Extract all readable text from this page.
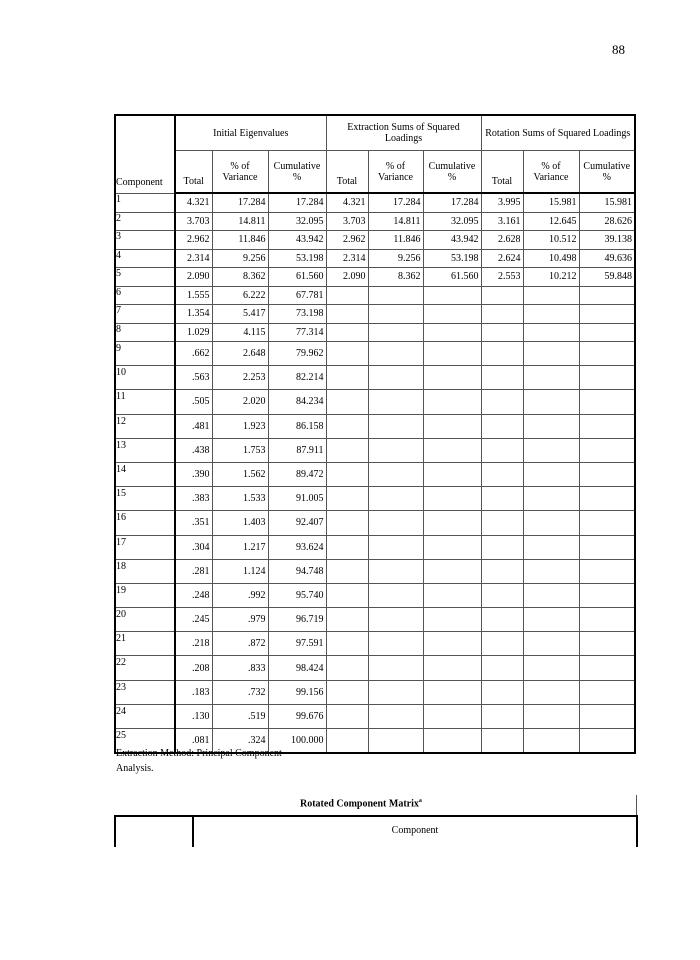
88
Component	Initial Eigenvalues			Extraction Sums of Squared Loadings			Rotation Sums of Squared Loadings		
	Total	% of Variance	Cumulative %	Total	% of Variance	Cumulative %	Total	% of Variance	Cumulative %
1	4.321	17.284	17.284	4.321	17.284	17.284	3.995	15.981	15.981
2	3.703	14.811	32.095	3.703	14.811	32.095	3.161	12.645	28.626
3	2.962	11.846	43.942	2.962	11.846	43.942	2.628	10.512	39.138
4	2.314	9.256	53.198	2.314	9.256	53.198	2.624	10.498	49.636
5	2.090	8.362	61.560	2.090	8.362	61.560	2.553	10.212	59.848
6	1.555	6.222	67.781						
7	1.354	5.417	73.198						
8	1.029	4.115	77.314						
9	.662	2.648	79.962						
10	.563	2.253	82.214						
11	.505	2.020	84.234						
12	.481	1.923	86.158						
13	.438	1.753	87.911						
14	.390	1.562	89.472						
15	.383	1.533	91.005						
16	.351	1.403	92.407						
17	.304	1.217	93.624						
18	.281	1.124	94.748						
19	.248	.992	95.740						
20	.245	.979	96.719						
21	.218	.872	97.591						
22	.208	.833	98.424						
23	.183	.732	99.156						
24	.130	.519	99.676						
25	.081	.324	100.000						
Extraction Method: Principal Component Analysis.
Rotated Component Matrix$^a$
Component
